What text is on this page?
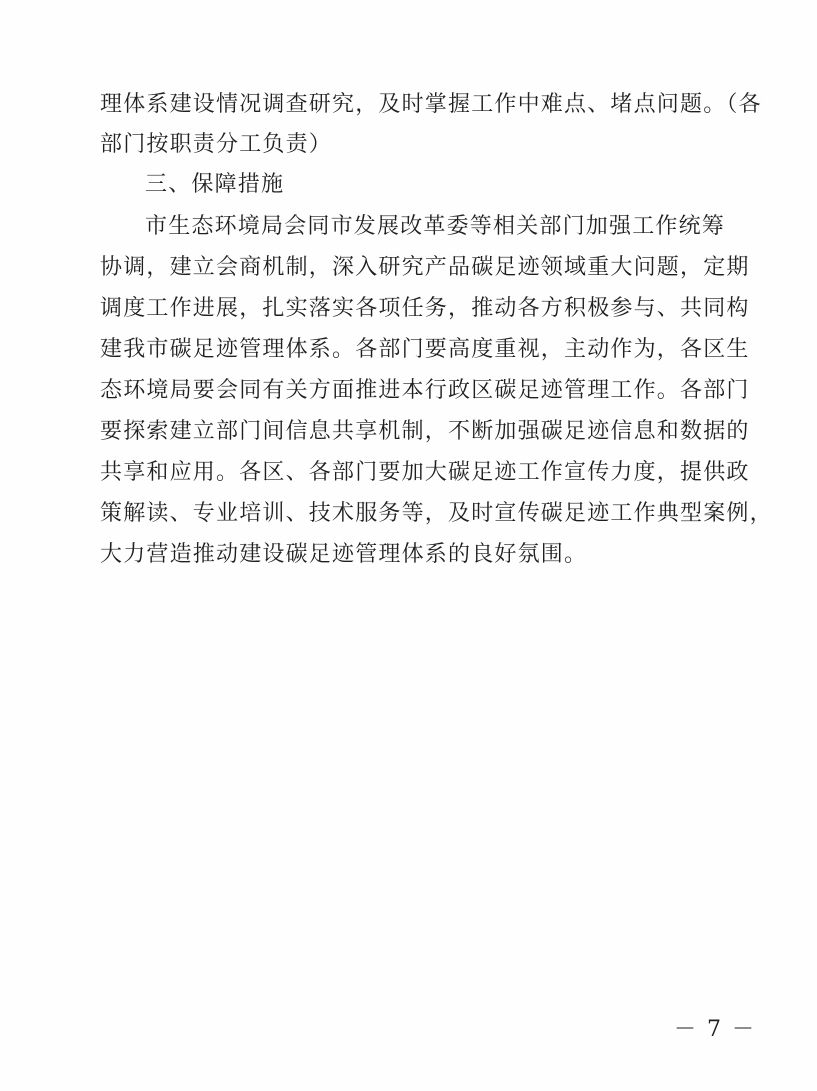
理体系建设情况调查研究，及时掌握工作中难点、堵点问题。（各
部门按职责分工负责）
三、保障措施
市生态环境局会同市发展改革委等相关部门加强工作统筹
协调，建立会商机制，深入研究产品碳足迹领域重大问题，定期
调度工作进展，扎实落实各项任务，推动各方积极参与、共同构
建我市碳足迹管理体系。各部门要高度重视，主动作为，各区生
态环境局要会同有关方面推进本行政区碳足迹管理工作。各部门
要探索建立部门间信息共享机制，不断加强碳足迹信息和数据的
共享和应用。各区、各部门要加大碳足迹工作宣传力度，提供政
策解读、专业培训、技术服务等，及时宣传碳足迹工作典型案例，
大力营造推动建设碳足迹管理体系的良好氛围。
－ 7 －
